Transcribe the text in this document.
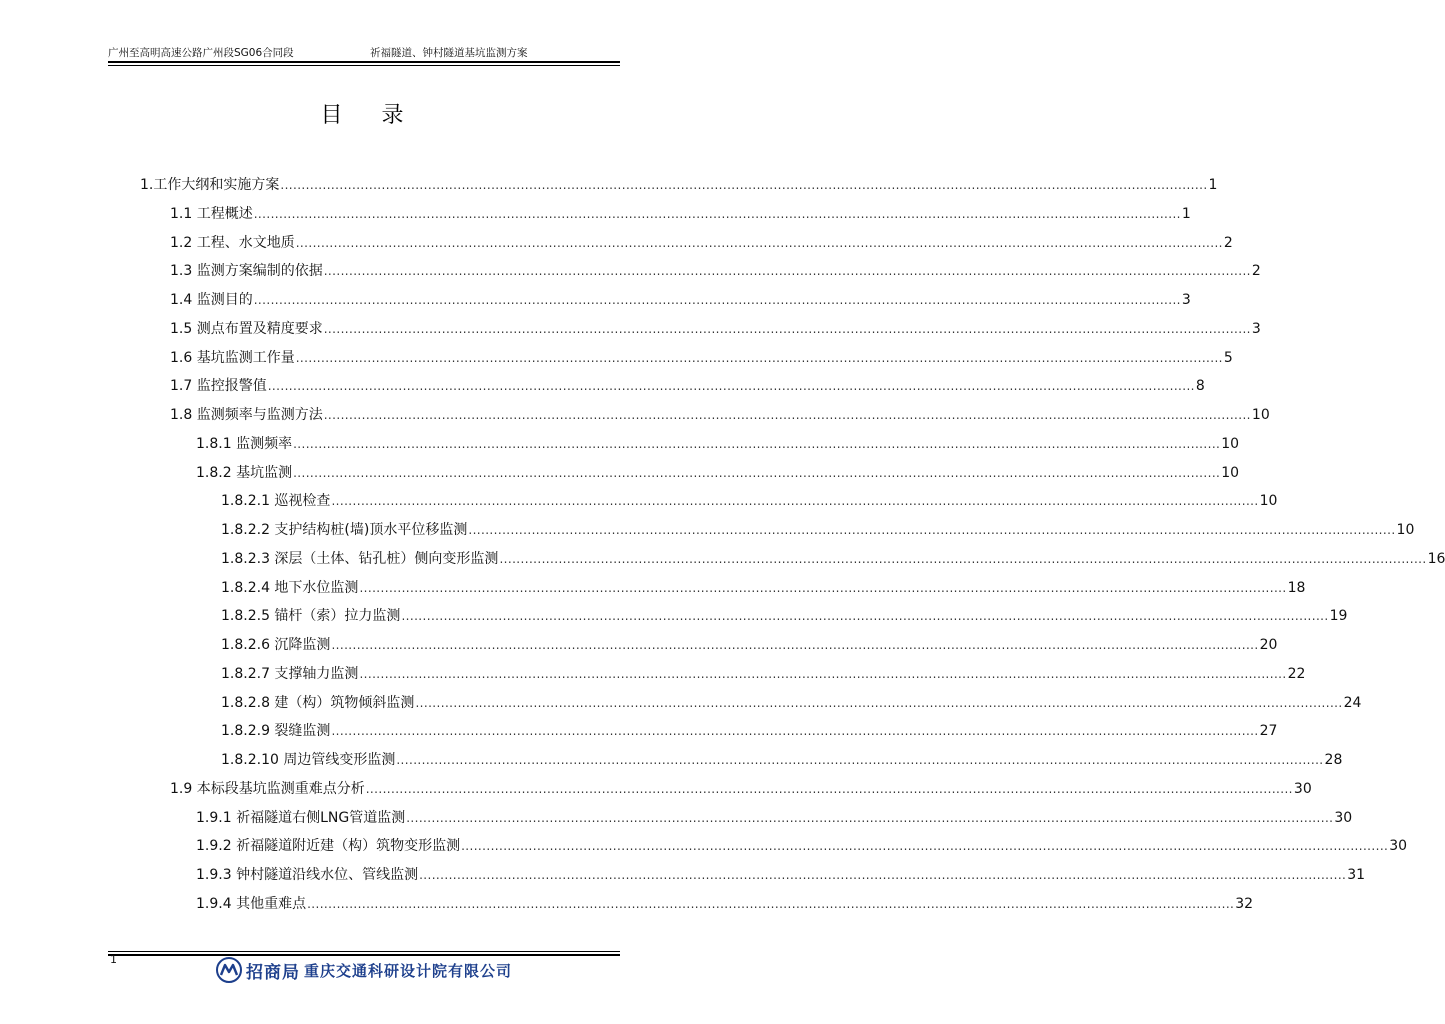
广州至高明高速公路广州段SG06合同段	祈福隧道、钟村隧道基坑监测方案
目 录
1.工作大纲和实施方案 ............................................................................................................................................................................................................................ 1
1.1 工程概述 ............................................................................................................................................................................................................................ 1
1.2 工程、水文地质 ............................................................................................................................................................................................................................ 2
1.3 监测方案编制的依据 ............................................................................................................................................................................................................................ 2
1.4 监测目的 ............................................................................................................................................................................................................................ 3
1.5 测点布置及精度要求 ............................................................................................................................................................................................................................ 3
1.6 基坑监测工作量 ............................................................................................................................................................................................................................ 5
1.7 监控报警值 ............................................................................................................................................................................................................................ 8
1.8 监测频率与监测方法 ............................................................................................................................................................................................................................ 10
1.8.1 监测频率 ............................................................................................................................................................................................................................ 10
1.8.2 基坑监测 ............................................................................................................................................................................................................................ 10
1.8.2.1 巡视检查 ............................................................................................................................................................................................................................ 10
1.8.2.2 支护结构桩(墙)顶水平位移监测 ............................................................................................................................................................................................................................ 10
1.8.2.3 深层（土体、钻孔桩）侧向变形监测 ............................................................................................................................................................................................................................ 16
1.8.2.4 地下水位监测 ............................................................................................................................................................................................................................ 18
1.8.2.5 锚杆（索）拉力监测 ............................................................................................................................................................................................................................ 19
1.8.2.6 沉降监测 ............................................................................................................................................................................................................................ 20
1.8.2.7 支撑轴力监测 ............................................................................................................................................................................................................................ 22
1.8.2.8 建（构）筑物倾斜监测 ............................................................................................................................................................................................................................ 24
1.8.2.9 裂缝监测 ............................................................................................................................................................................................................................ 27
1.8.2.10 周边管线变形监测 ............................................................................................................................................................................................................................ 28
1.9 本标段基坑监测重难点分析 ............................................................................................................................................................................................................................ 30
1.9.1 祈福隧道右侧LNG管道监测 ............................................................................................................................................................................................................................ 30
1.9.2 祈福隧道附近建（构）筑物变形监测 ............................................................................................................................................................................................................................ 30
1.9.3 钟村隧道沿线水位、管线监测 ............................................................................................................................................................................................................................ 31
1.9.4 其他重难点 ............................................................................................................................................................................................................................ 32
1
招商局 重庆交通科研设计院有限公司
